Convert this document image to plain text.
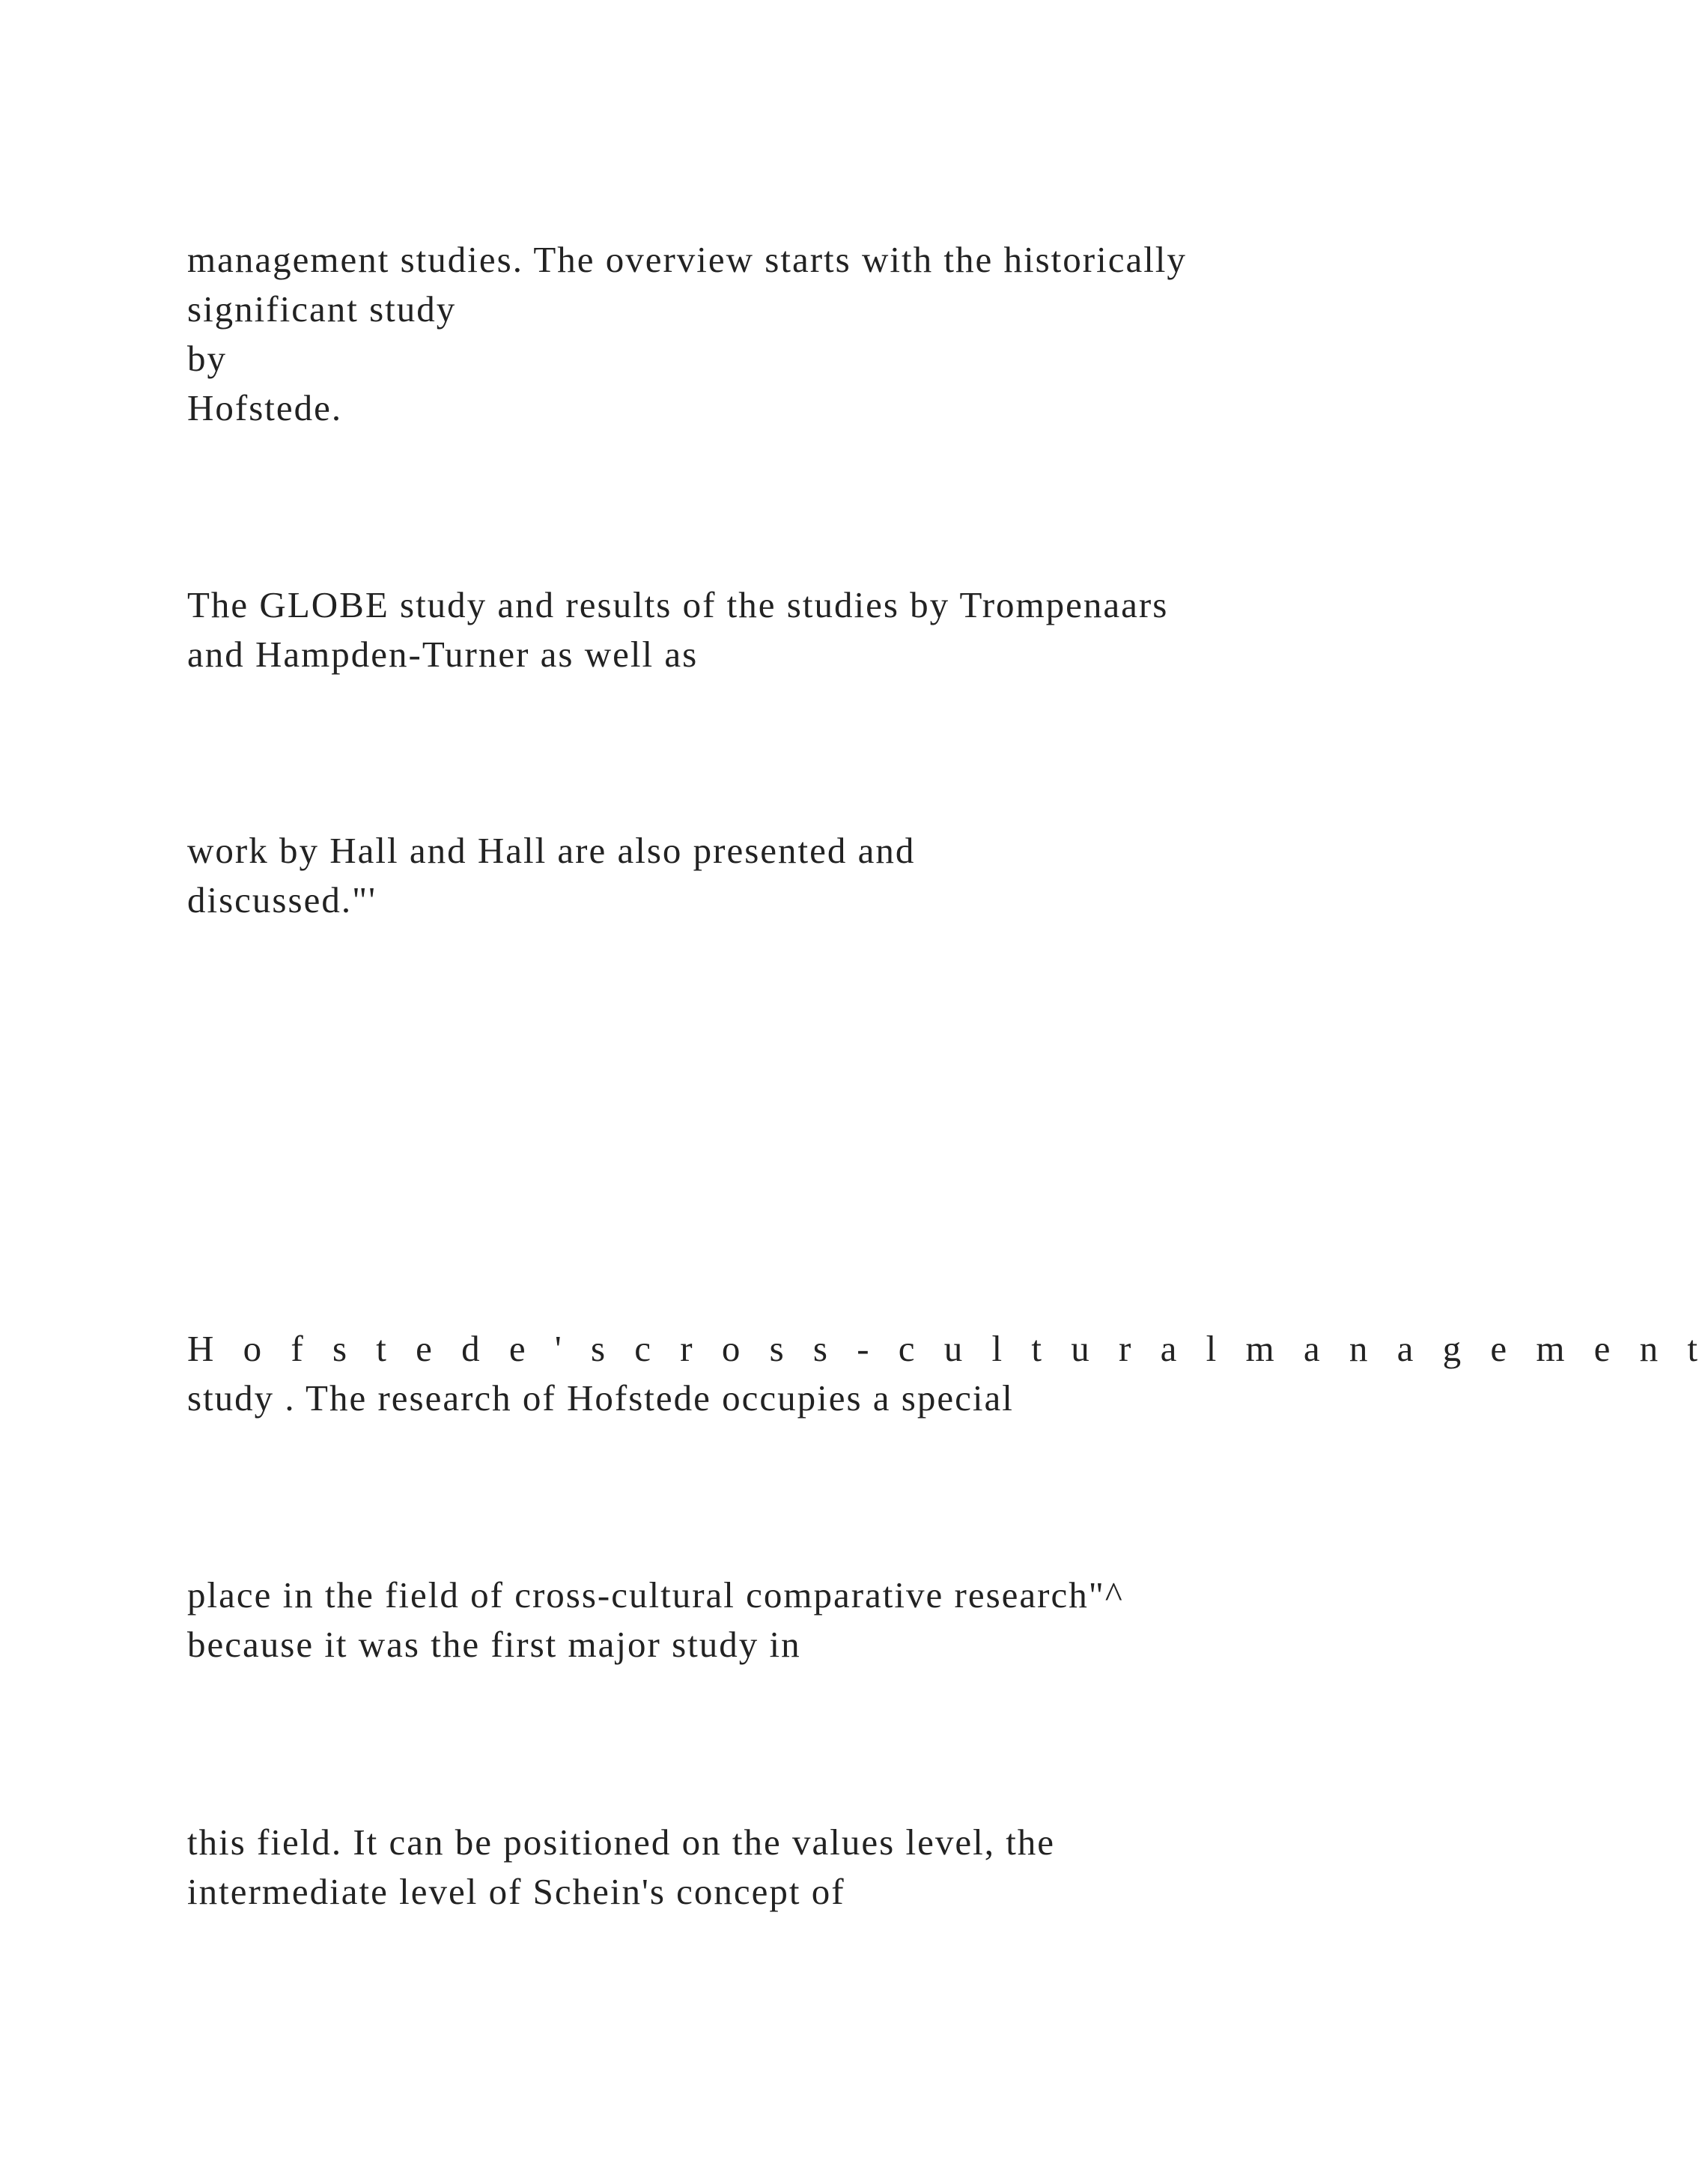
management studies. The overview starts with the historically
significant study
by
Hofstede.
The GLOBE study and results of the studies by Trompenaars
and Hampden-Turner as well as
work by Hall and Hall are also presented and
discussed."'
H o f s t e d e ' s c r o s s - c u l t u r a l m a n a g e m e n t
study . The research of Hofstede occupies a special
place in the field of cross-cultural comparative research"^
because it was the first major study in
this field. It can be positioned on the values level, the
intermediate level of Schein's concept of
